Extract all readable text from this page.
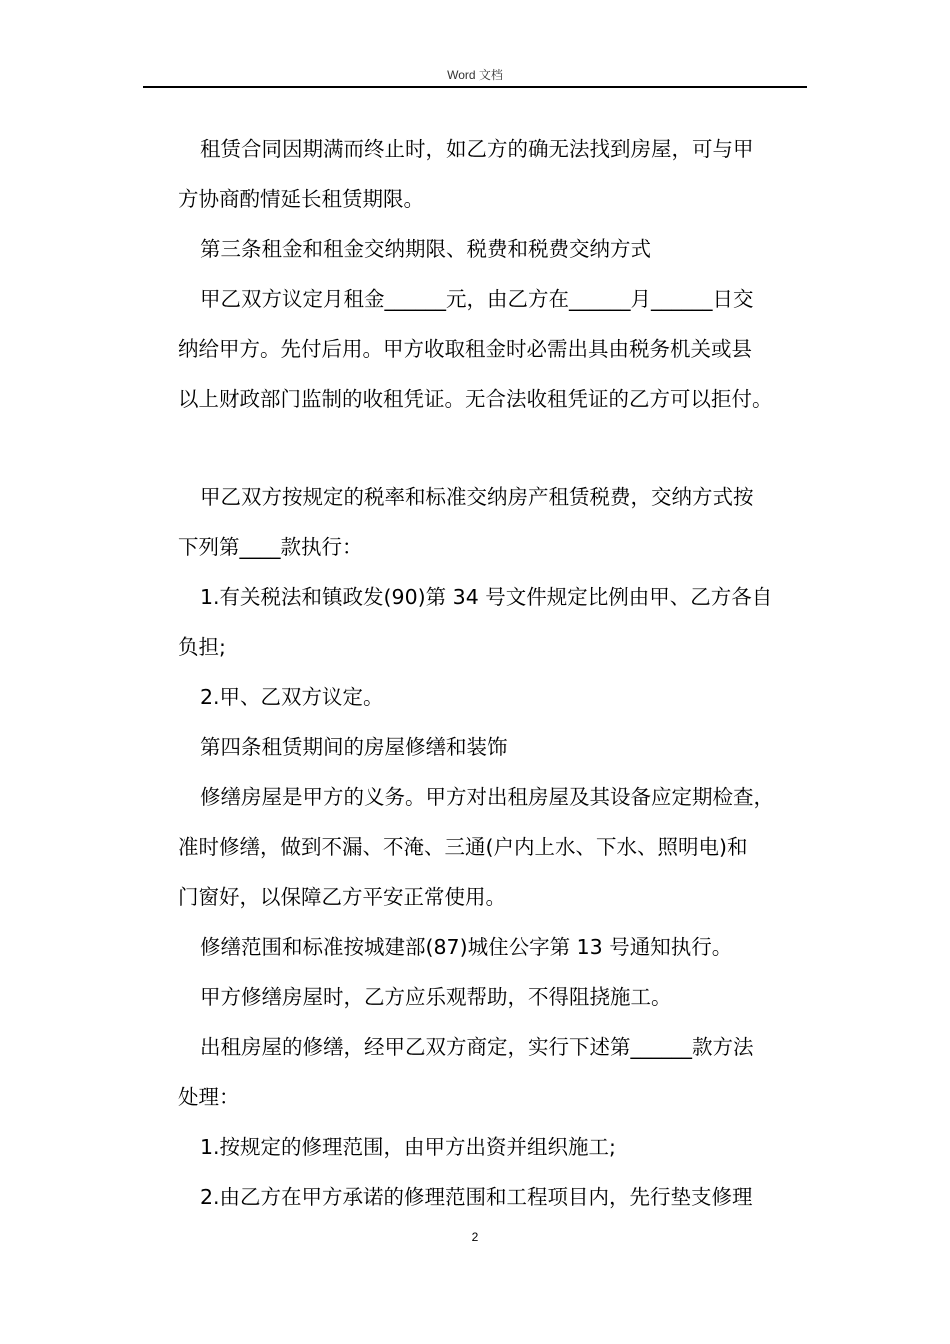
Word 文档
租赁合同因期满而终止时，如乙方的确无法找到房屋，可与甲
方协商酌情延长租赁期限。
第三条租金和租金交纳期限、税费和税费交纳方式
甲乙双方议定月租金______元，由乙方在______月______日交
纳给甲方。先付后用。甲方收取租金时必需出具由税务机关或县
以上财政部门监制的收租凭证。无合法收租凭证的乙方可以拒付。
甲乙双方按规定的税率和标准交纳房产租赁税费，交纳方式按
下列第____款执行：
1.有关税法和镇政发(90)第 34 号文件规定比例由甲、乙方各自
负担;
2.甲、乙双方议定。
第四条租赁期间的房屋修缮和装饰
修缮房屋是甲方的义务。甲方对出租房屋及其设备应定期检查，
准时修缮，做到不漏、不淹、三通(户内上水、下水、照明电)和
门窗好，以保障乙方平安正常使用。
修缮范围和标准按城建部(87)城住公字第 13 号通知执行。
甲方修缮房屋时，乙方应乐观帮助，不得阻挠施工。
出租房屋的修缮，经甲乙双方商定，实行下述第______款方法
处理：
1.按规定的修理范围，由甲方出资并组织施工;
2.由乙方在甲方承诺的修理范围和工程项目内，先行垫支修理
2
